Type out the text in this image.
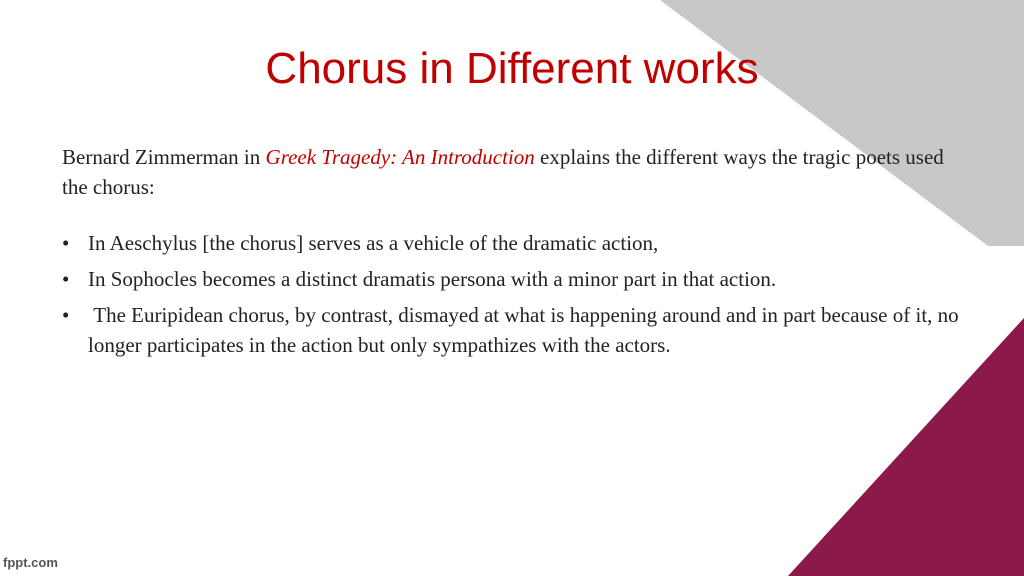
Chorus in Different works

Bernard Zimmerman in Greek Tragedy: An Introduction explains the different ways the tragic poets used the chorus:

• In Aeschylus [the chorus] serves as a vehicle of the dramatic action,
• In Sophocles becomes a distinct dramatis persona with a minor part in that action.
• The Euripidean chorus, by contrast, dismayed at what is happening around and in part because of it, no longer participates in the action but only sympathizes with the actors.
fppt.com
